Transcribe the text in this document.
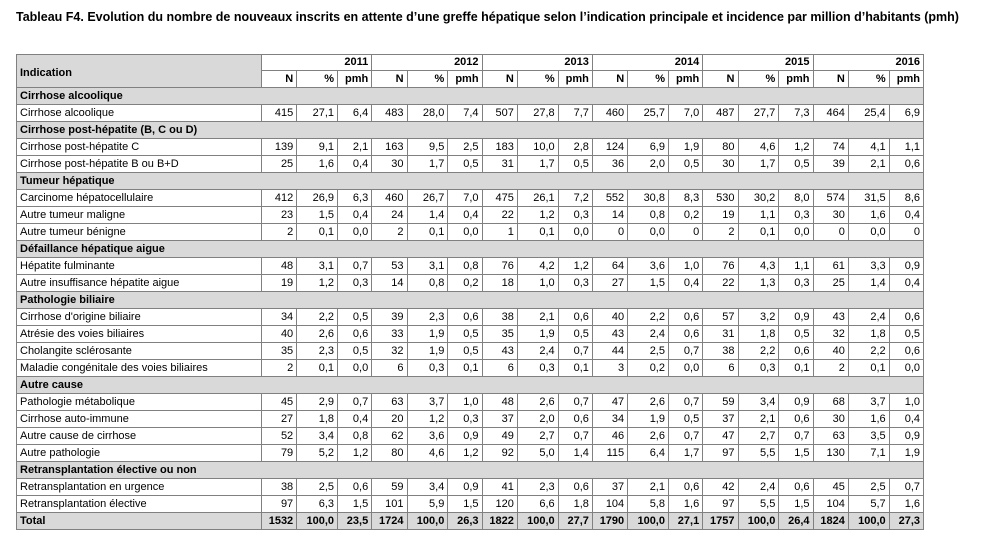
Tableau F4. Evolution du nombre de nouveaux inscrits en attente d’une greffe hépatique selon l’indication principale et incidence par million d’habitants (pmh)
Indication	2011			2012			2013			2014			2015			2016		
	N	%	pmh	N	%	pmh	N	%	pmh	N	%	pmh	N	%	pmh	N	%	pmh
Cirrhose alcoolique																		
Cirrhose alcoolique	415	27,1	6,4	483	28,0	7,4	507	27,8	7,7	460	25,7	7,0	487	27,7	7,3	464	25,4	6,9
Cirrhose post-hépatite (B, C ou D)																		
Cirrhose post-hépatite C	139	9,1	2,1	163	9,5	2,5	183	10,0	2,8	124	6,9	1,9	80	4,6	1,2	74	4,1	1,1
Cirrhose post-hépatite B ou B+D	25	1,6	0,4	30	1,7	0,5	31	1,7	0,5	36	2,0	0,5	30	1,7	0,5	39	2,1	0,6
Tumeur hépatique																		
Carcinome hépatocellulaire	412	26,9	6,3	460	26,7	7,0	475	26,1	7,2	552	30,8	8,3	530	30,2	8,0	574	31,5	8,6
Autre tumeur maligne	23	1,5	0,4	24	1,4	0,4	22	1,2	0,3	14	0,8	0,2	19	1,1	0,3	30	1,6	0,4
Autre tumeur bénigne	2	0,1	0,0	2	0,1	0,0	1	0,1	0,0	0	0,0	0	2	0,1	0,0	0	0,0	0
Défaillance hépatique aigue																		
Hépatite fulminante	48	3,1	0,7	53	3,1	0,8	76	4,2	1,2	64	3,6	1,0	76	4,3	1,1	61	3,3	0,9
Autre insuffisance hépatite aigue	19	1,2	0,3	14	0,8	0,2	18	1,0	0,3	27	1,5	0,4	22	1,3	0,3	25	1,4	0,4
Pathologie biliaire																		
Cirrhose d'origine biliaire	34	2,2	0,5	39	2,3	0,6	38	2,1	0,6	40	2,2	0,6	57	3,2	0,9	43	2,4	0,6
Atrésie des voies biliaires	40	2,6	0,6	33	1,9	0,5	35	1,9	0,5	43	2,4	0,6	31	1,8	0,5	32	1,8	0,5
Cholangite sclérosante	35	2,3	0,5	32	1,9	0,5	43	2,4	0,7	44	2,5	0,7	38	2,2	0,6	40	2,2	0,6
Maladie congénitale des voies biliaires	2	0,1	0,0	6	0,3	0,1	6	0,3	0,1	3	0,2	0,0	6	0,3	0,1	2	0,1	0,0
Autre cause																		
Pathologie métabolique	45	2,9	0,7	63	3,7	1,0	48	2,6	0,7	47	2,6	0,7	59	3,4	0,9	68	3,7	1,0
Cirrhose auto-immune	27	1,8	0,4	20	1,2	0,3	37	2,0	0,6	34	1,9	0,5	37	2,1	0,6	30	1,6	0,4
Autre cause de cirrhose	52	3,4	0,8	62	3,6	0,9	49	2,7	0,7	46	2,6	0,7	47	2,7	0,7	63	3,5	0,9
Autre pathologie	79	5,2	1,2	80	4,6	1,2	92	5,0	1,4	115	6,4	1,7	97	5,5	1,5	130	7,1	1,9
Retransplantation élective ou non																		
Retransplantation en urgence	38	2,5	0,6	59	3,4	0,9	41	2,3	0,6	37	2,1	0,6	42	2,4	0,6	45	2,5	0,7
Retransplantation élective	97	6,3	1,5	101	5,9	1,5	120	6,6	1,8	104	5,8	1,6	97	5,5	1,5	104	5,7	1,6
Total	1532	100,0	23,5	1724	100,0	26,3	1822	100,0	27,7	1790	100,0	27,1	1757	100,0	26,4	1824	100,0	27,3
